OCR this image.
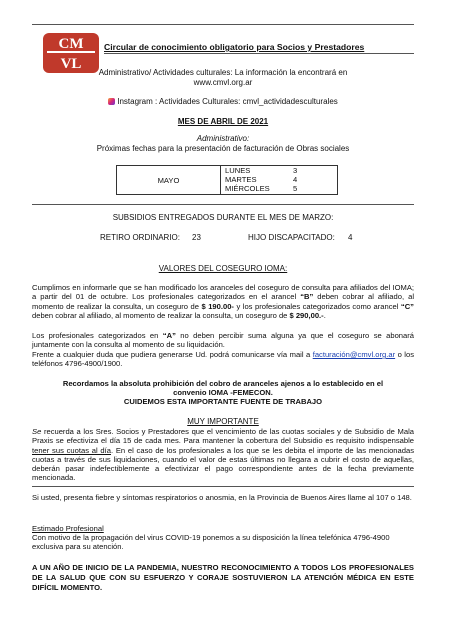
CM
VL
Circular de conocimiento obligatorio para Socios y Prestadores
Administrativo/ Actividades culturales: La información la encontrará en
www.cmvl.org.ar
Instagram : Actividades Culturales: cmvl_actividadesculturales
MES DE ABRIL DE 2021
Administrativo:
Próximas fechas para la presentación de facturación de Obras sociales
MAYO
LUNES	3
MARTES	4
MIÉRCOLES	5
SUBSIDIOS ENTREGADOS DURANTE EL MES DE MARZO:
RETIRO ORDINARIO: 23	HIJO DISCAPACITADO: 4
VALORES DEL COSEGURO IOMA:
Cumplimos en informarle que se han modificado los aranceles del coseguro de consulta para afiliados del IOMA; a partir del 01 de octubre. Los profesionales categorizados en el arancel “B” deben cobrar al afiliado, al momento de realizar la consulta, un coseguro de $ 190.00- y los profesionales categorizados como arancel “C” deben cobrar al afiliado, al momento de realizar la consulta, un coseguro de $ 290,00.-.
Los profesionales categorizados en “A” no deben percibir suma alguna ya que el coseguro se abonará juntamente con la consulta al momento de su liquidación.
Frente a cualquier duda que pudiera generarse Ud. podrá comunicarse vía mail a facturación@cmvl.org.ar o los teléfonos 4796-4900/1900.
Recordamos la absoluta prohibición del cobro de aranceles ajenos a lo establecido en el
convenio IOMA -FEMECON.
CUIDEMOS ESTA IMPORTANTE FUENTE DE TRABAJO
MUY IMPORTANTE
Se recuerda a los Sres. Socios y Prestadores que el vencimiento de las cuotas sociales y de Subsidio de Mala Praxis se efectiviza el día 15 de cada mes. Para mantener la cobertura del Subsidio es requisito indispensable tener sus cuotas al día. En el caso de los profesionales a los que se les debita el importe de las mencionadas cuotas a través de sus liquidaciones, cuando el valor de estas últimas no llegara a cubrir el costo de aquellas, deberán pasar indefectiblemente a efectivizar el pago correspondiente antes de la fecha previamente mencionada.
Si usted, presenta fiebre y síntomas respiratorios o anosmia, en la Provincia de Buenos Aires llame al 107 o 148.
Estimado Profesional
Con motivo de la propagación del virus COVID-19 ponemos a su disposición la línea telefónica 4796-4900 exclusiva para su atención.
A UN AÑO DE INICIO DE LA PANDEMIA, NUESTRO RECONOCIMIENTO A TODOS LOS PROFESIONALES DE LA SALUD QUE CON SU ESFUERZO Y CORAJE SOSTUVIERON LA ATENCIÓN MÉDICA EN ESTE DIFÍCIL MOMENTO.
